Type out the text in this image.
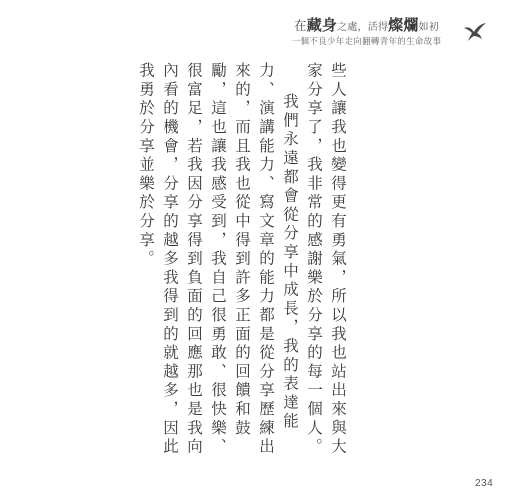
在藏身之處，活得燦爛如初
一個不良少年走向翻轉青年的生命故事

些人讓我也變得更有勇氣，所以我也站出來與大家分享了，我非常的感謝樂於分享的每一個人。

我們永遠都會從分享中成長，我的表達能力、演講能力、寫文章的能力都是從分享歷練出來的，而且我也從中得到許多正面的回饋和鼓勵，這也讓我感受到，我自己很勇敢、很快樂、很富足，若我因分享得到負面的回應那也是我向內看的機會，分享的越多我得到的就越多，因此我勇於分享並樂於分享。

234
